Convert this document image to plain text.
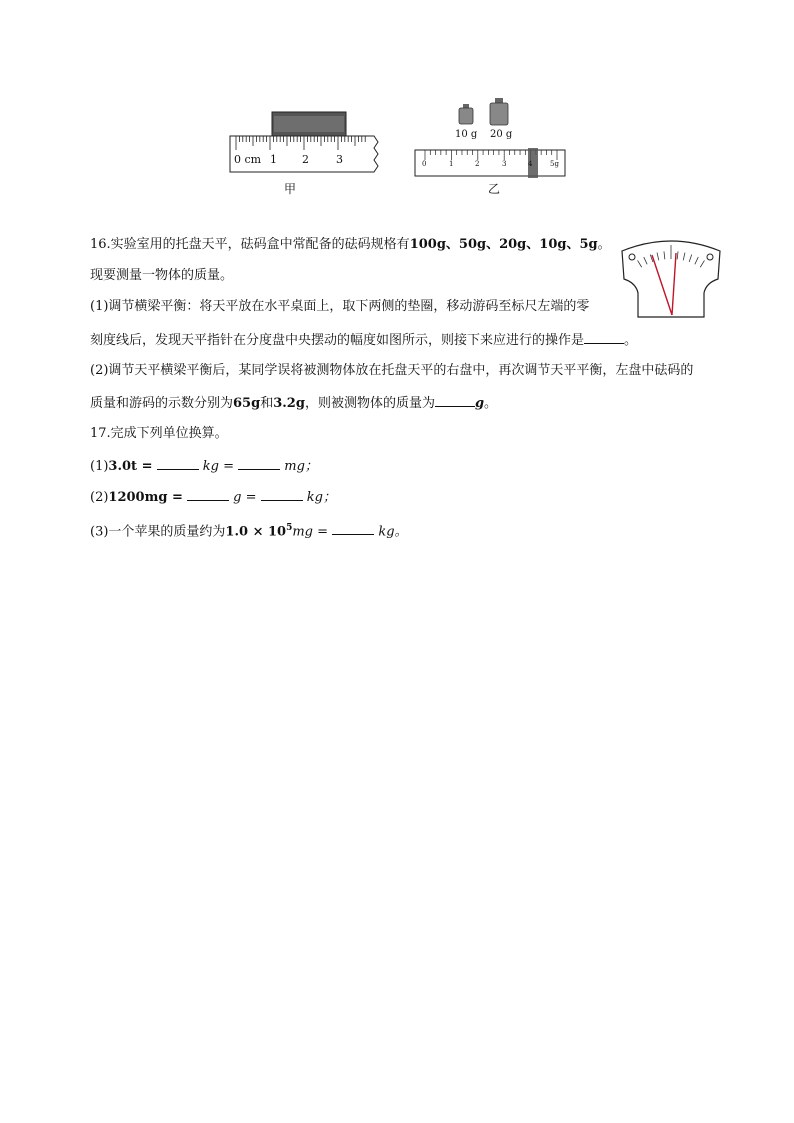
0 cm 1 2 3
甲
10 g 20 g
0	1	2	3	4	5g
乙
16.实验室用的托盘天平，砝码盒中常配备的砝码规格有100g、50g、20g、10g、5g。
现要测量一物体的质量。
(1)调节横梁平衡：将天平放在水平桌面上，取下两侧的垫圈，移动游码至标尺左端的零
刻度线后，发现天平指针在分度盘中央摆动的幅度如图所示，则接下来应进行的操作是	。
(2)调节天平横梁平衡后，某同学误将被测物体放在托盘天平的右盘中，再次调节天平平衡，左盘中砝码的
质量和游码的示数分别为65g和3.2g，则被测物体的质量为	g。
17.完成下列单位换算。
(1)3.0t =	kg =	mg；
(2)1200mg =	g =	kg；
(3)一个苹果的质量约为$1.0 \times 10^5mg$ =	kg。
